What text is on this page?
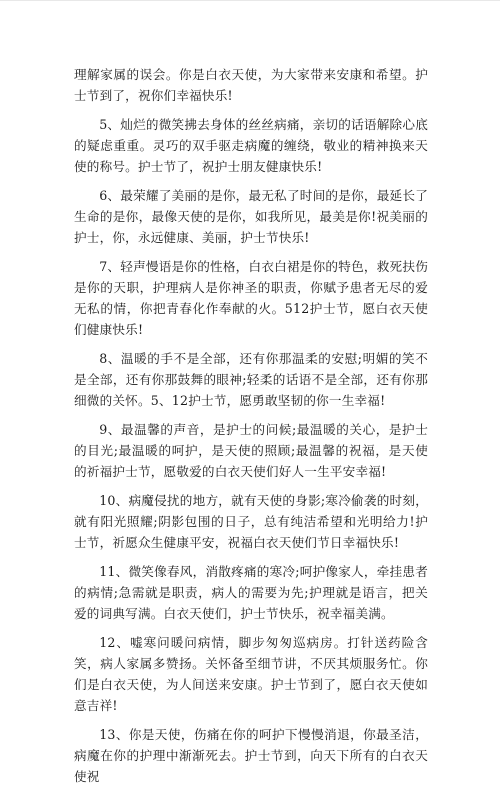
理解家属的误会。你是白衣天使，为大家带来安康和希望。护士节到了，祝你们幸福快乐!

5、灿烂的微笑拂去身体的丝丝病痛，亲切的话语解除心底的疑虑重重。灵巧的双手驱走病魔的缠绕，敬业的精神换来天使的称号。护士节了，祝护士朋友健康快乐!

6、最荣耀了美丽的是你，最无私了时间的是你，最延长了生命的是你，最像天使的是你，如我所见，最美是你!祝美丽的护士，你，永远健康、美丽，护士节快乐!

7、轻声慢语是你的性格，白衣白裙是你的特色，救死扶伤是你的天职，护理病人是你神圣的职责，你赋予患者无尽的爱无私的情，你把青春化作奉献的火。512护士节，愿白衣天使们健康快乐!

8、温暖的手不是全部，还有你那温柔的安慰;明媚的笑不是全部，还有你那鼓舞的眼神;轻柔的话语不是全部，还有你那细微的关怀。5、12护士节，愿勇敢坚韧的你一生幸福!

9、最温馨的声音，是护士的问候;最温暖的关心，是护士的目光;最温暖的呵护，是天使的照顾;最温馨的祝福，是天使的祈福护士节，愿敬爱的白衣天使们好人一生平安幸福!

10、病魔侵扰的地方，就有天使的身影;寒冷偷袭的时刻，就有阳光照耀;阴影包围的日子，总有纯洁希望和光明给力!护士节，祈愿众生健康平安，祝福白衣天使们节日幸福快乐!

11、微笑像春风，消散疼痛的寒冷;呵护像家人，牵挂患者的病情;急需就是职责，病人的需要为先;护理就是语言，把关爱的词典写满。白衣天使们，护士节快乐，祝幸福美满。

12、嘘寒问暖问病情，脚步匆匆巡病房。打针送药险含笑，病人家属多赞扬。关怀备至细节讲，不厌其烦服务忙。你们是白衣天使，为人间送来安康。护士节到了，愿白衣天使如意吉祥!

13、你是天使，伤痛在你的呵护下慢慢消退，你最圣洁，病魔在你的护理中渐渐死去。护士节到，向天下所有的白衣天使祝
